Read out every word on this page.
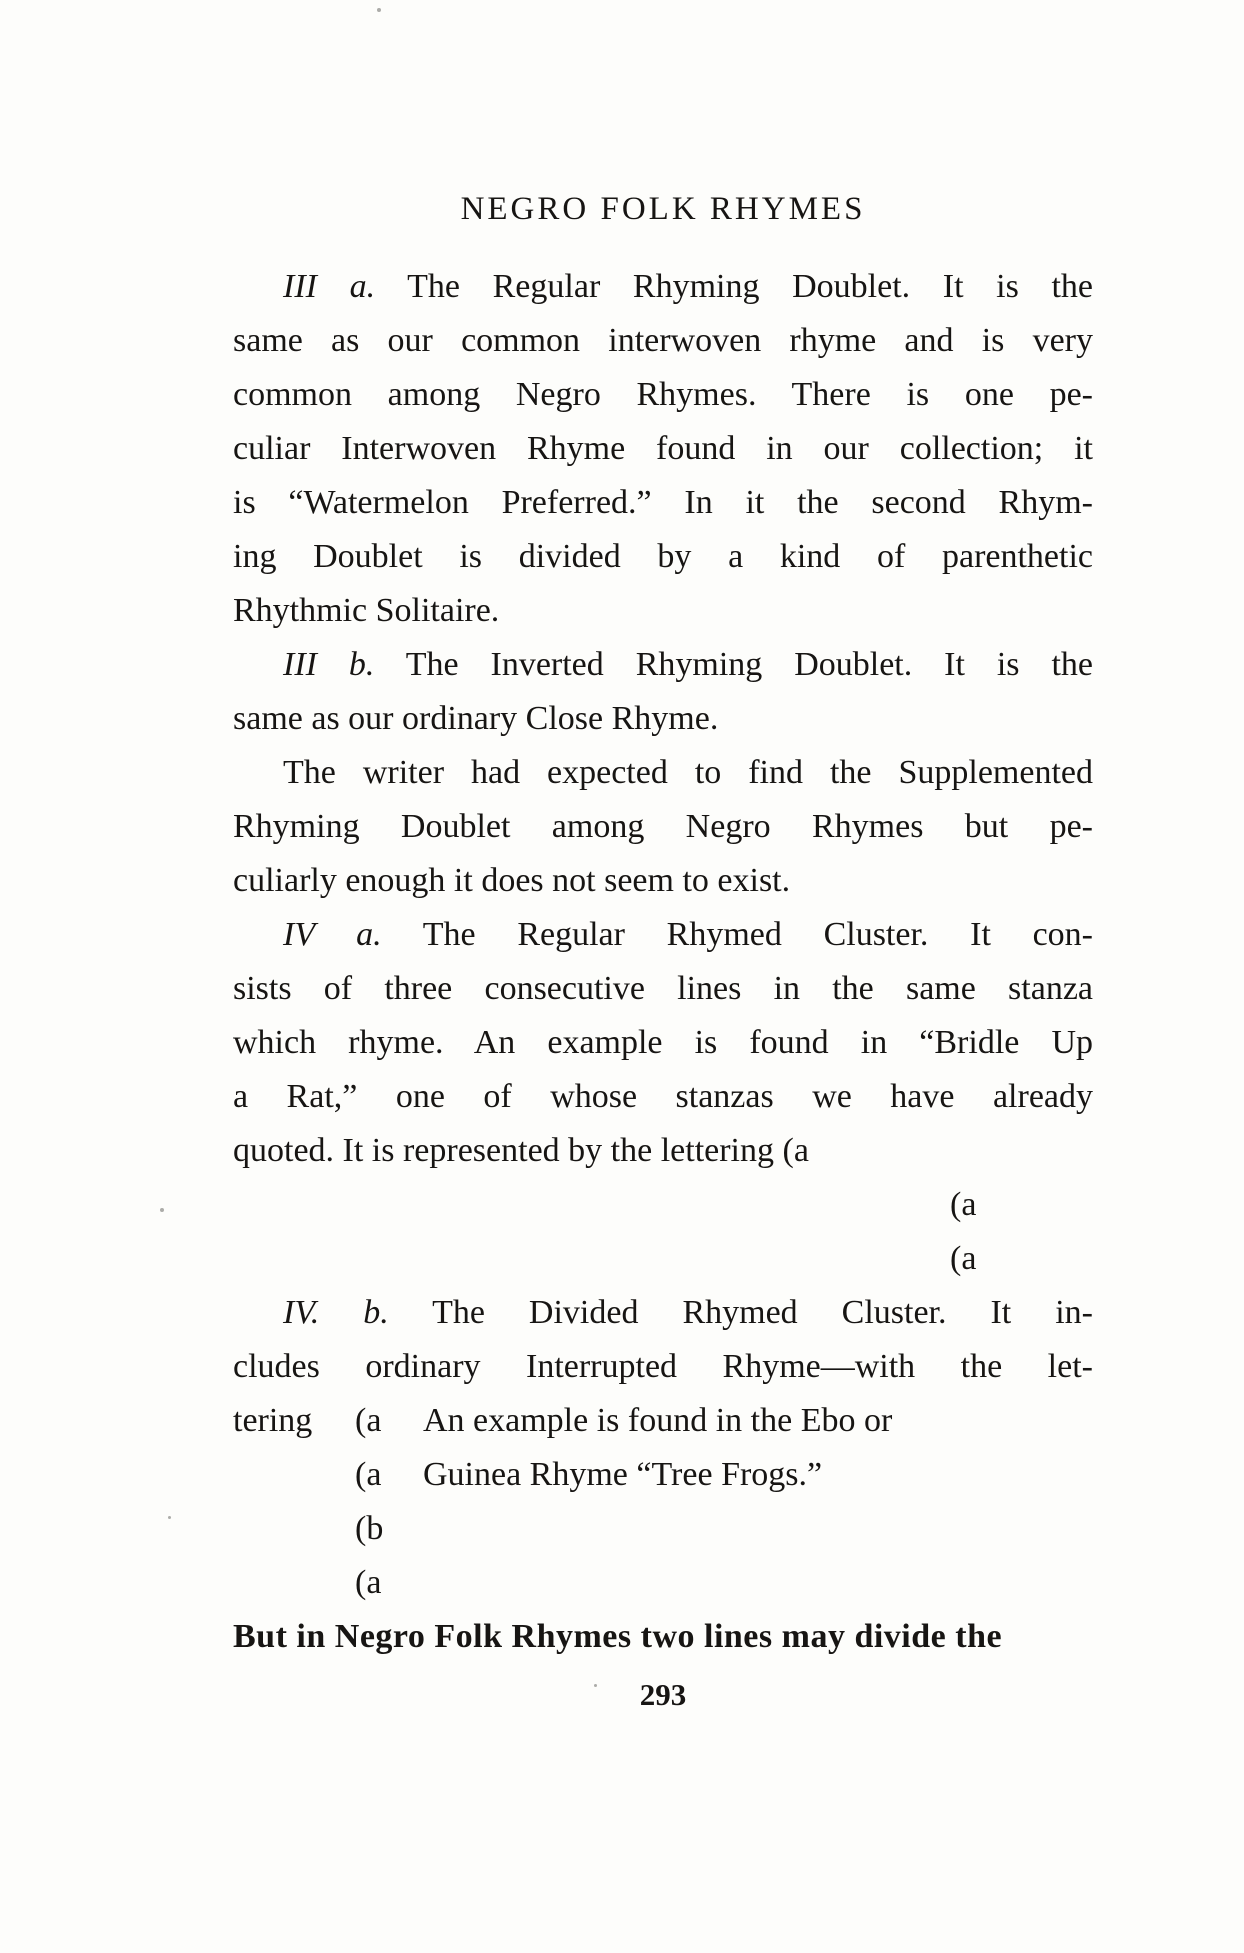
NEGRO FOLK RHYMES
III a. The Regular Rhyming Doublet. It is the
same as our common interwoven rhyme and is very
common among Negro Rhymes. There is one pe-
culiar Interwoven Rhyme found in our collection; it
is “Watermelon Preferred.” In it the second Rhym-
ing Doublet is divided by a kind of parenthetic
Rhythmic Solitaire.
III b. The Inverted Rhyming Doublet. It is the
same as our ordinary Close Rhyme.
The writer had expected to find the Supplemented
Rhyming Doublet among Negro Rhymes but pe-
culiarly enough it does not seem to exist.
IV a. The Regular Rhymed Cluster. It con-
sists of three consecutive lines in the same stanza
which rhyme. An example is found in “Bridle Up
a Rat,” one of whose stanzas we have already
quoted. It is represented by the lettering (a
(a
(a
IV. b. The Divided Rhymed Cluster. It in-
cludes ordinary Interrupted Rhyme—with the let-
tering (a An example is found in the Ebo or
(a Guinea Rhyme “Tree Frogs.”
(b
(a
But in Negro Folk Rhymes two lines may divide the
293
